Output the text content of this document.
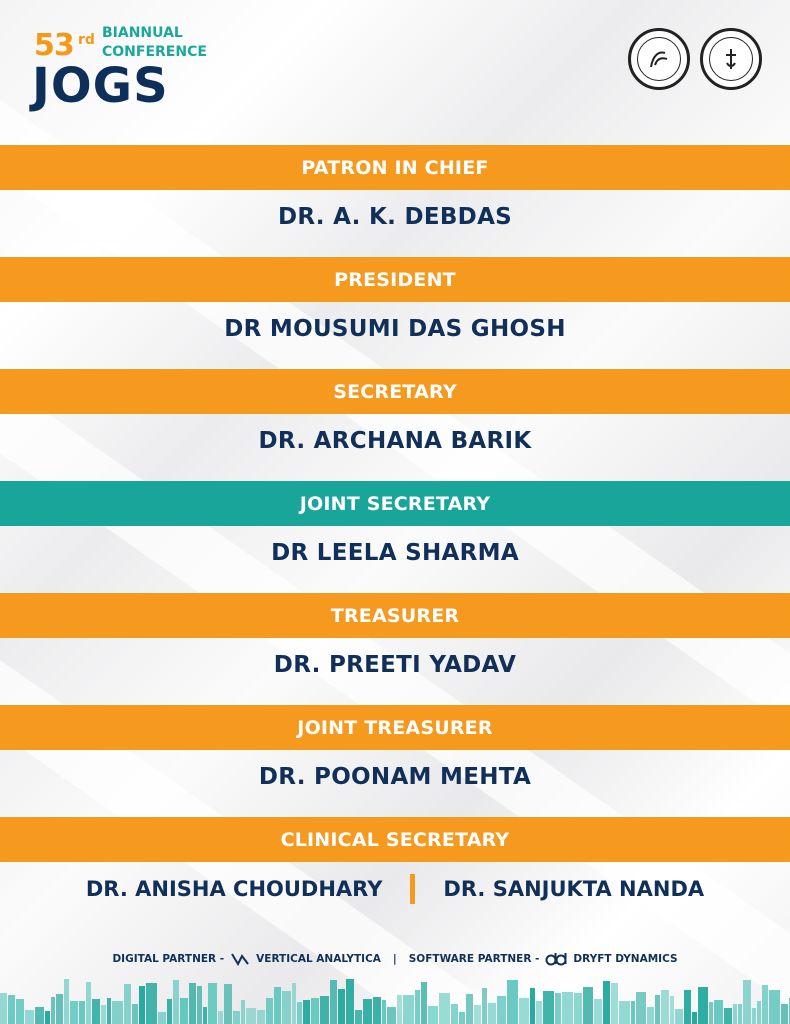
53 rd BIANNUAL
CONFERENCE
JOGS
PATRON IN CHIEF
DR. A. K. DEBDAS
PRESIDENT
DR MOUSUMI DAS GHOSH
SECRETARY
DR. ARCHANA BARIK
JOINT SECRETARY
DR LEELA SHARMA
TREASURER
DR. PREETI YADAV
JOINT TREASURER
DR. POONAM MEHTA
CLINICAL SECRETARY
DR. ANISHA CHOUDHARY	DR. SANJUKTA NANDA
DIGITAL PARTNER -	VERTICAL ANALYTICA | SOFTWARE PARTNER -	DRYFT DYNAMICS
